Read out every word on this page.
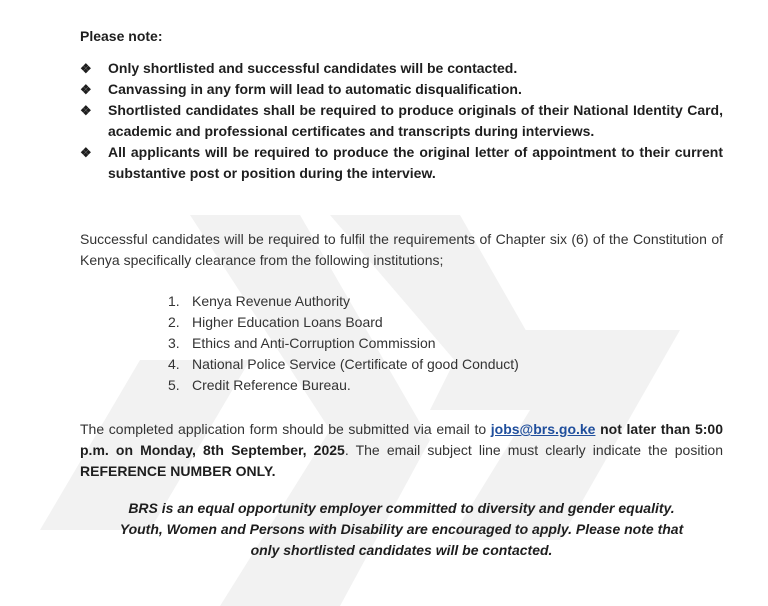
Please note:
❖ Only shortlisted and successful candidates will be contacted.
❖ Canvassing in any form will lead to automatic disqualification.
❖ Shortlisted candidates shall be required to produce originals of their National Identity Card, academic and professional certificates and transcripts during interviews.
❖ All applicants will be required to produce the original letter of appointment to their current substantive post or position during the interview.

Successful candidates will be required to fulfil the requirements of Chapter six (6) of the Constitution of Kenya specifically clearance from the following institutions;

1. Kenya Revenue Authority
2. Higher Education Loans Board
3. Ethics and Anti-Corruption Commission
4. National Police Service (Certificate of good Conduct)
5. Credit Reference Bureau.

The completed application form should be submitted via email to jobs@brs.go.ke not later than 5:00 p.m. on Monday, 8th September, 2025. The email subject line must clearly indicate the position REFERENCE NUMBER ONLY.

BRS is an equal opportunity employer committed to diversity and gender equality.
Youth, Women and Persons with Disability are encouraged to apply. Please note that
only shortlisted candidates will be contacted.
